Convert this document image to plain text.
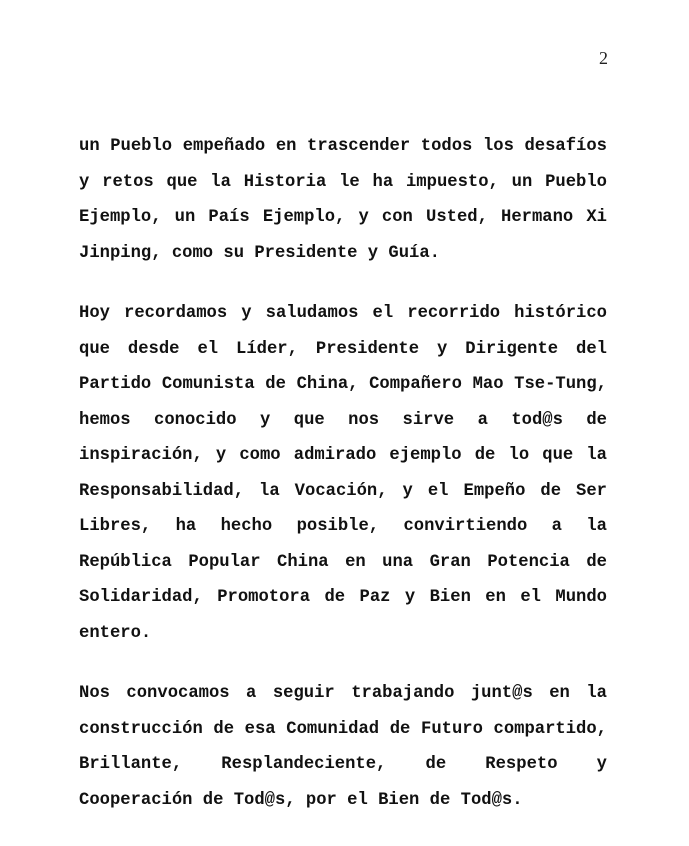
2

un Pueblo empeñado en trascender todos los desafíos y retos que la Historia le ha impuesto, un Pueblo Ejemplo, un País Ejemplo, y con Usted, Hermano Xi Jinping, como su Presidente y Guía.

Hoy recordamos y saludamos el recorrido histórico que desde el Líder, Presidente y Dirigente del Partido Comunista de China, Compañero Mao Tse-Tung, hemos conocido y que nos sirve a tod@s de inspiración, y como admirado ejemplo de lo que la Responsabilidad, la Vocación, y el Empeño de Ser Libres, ha hecho posible, convirtiendo a la República Popular China en una Gran Potencia de Solidaridad, Promotora de Paz y Bien en el Mundo entero.

Nos convocamos a seguir trabajando junt@s en la construcción de esa Comunidad de Futuro compartido, Brillante, Resplandeciente, de Respeto y Cooperación de Tod@s, por el Bien de Tod@s.
